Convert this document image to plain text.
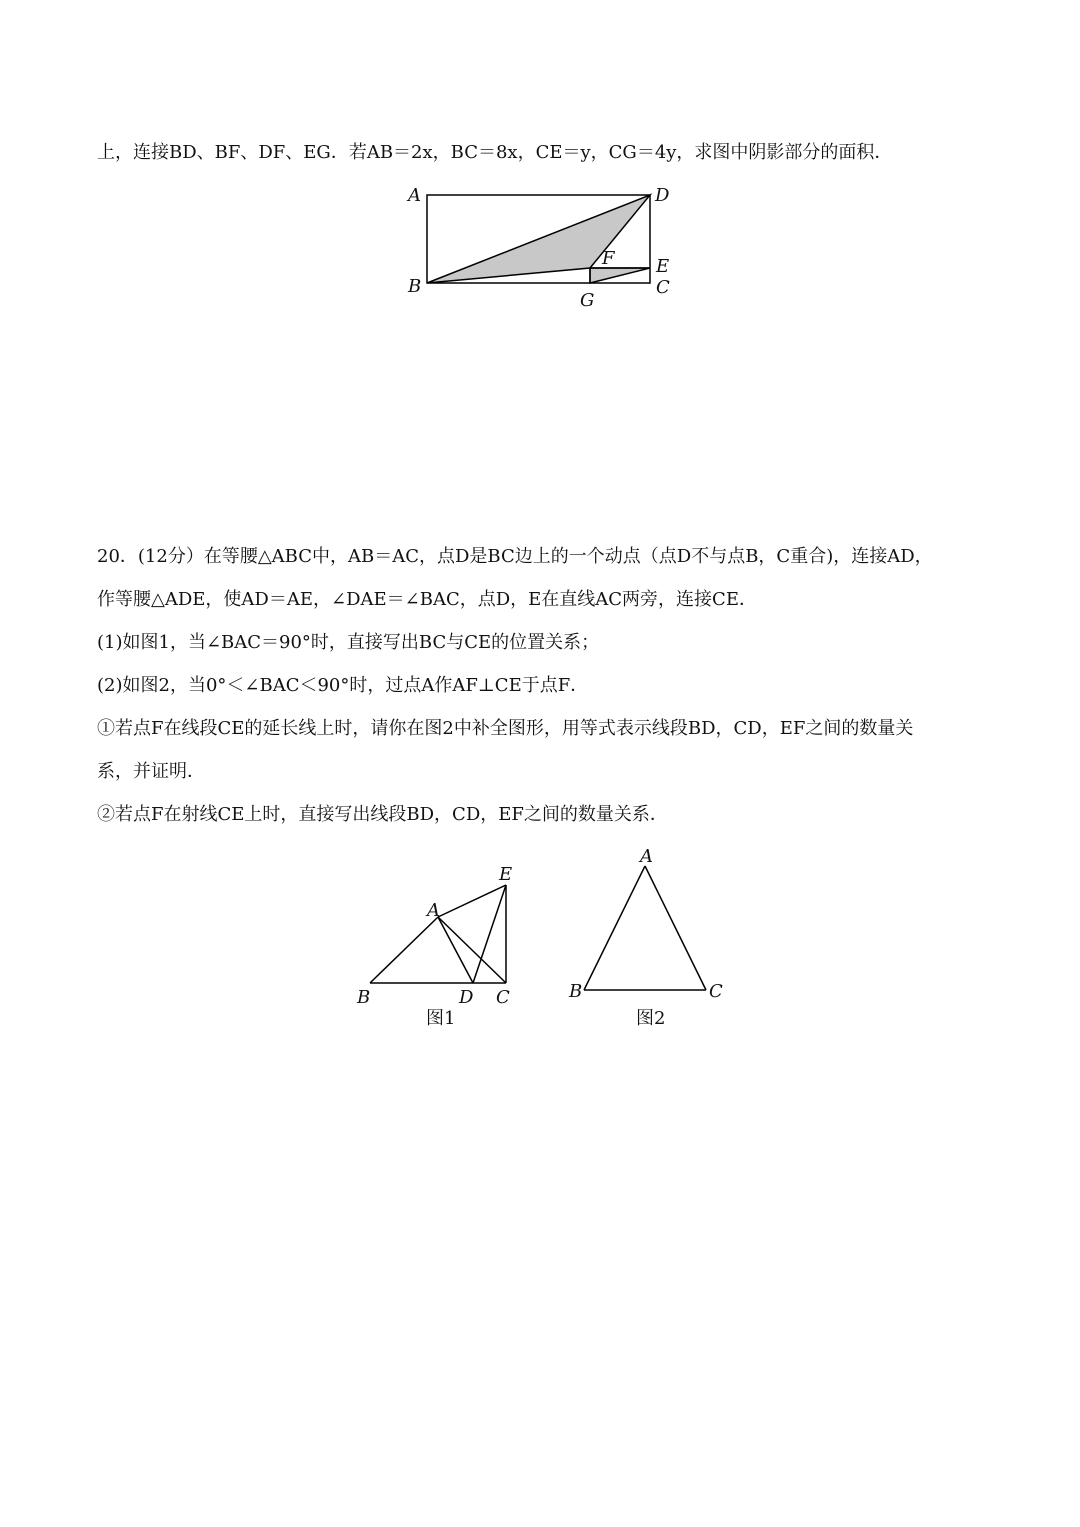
上，连接BD、BF、DF、EG．若AB＝2x，BC＝8x，CE＝y，CG＝4y，求图中阴影部分的面积．
A	D
F E
B	C
G
20．(12分）在等腰△ABC中，AB＝AC，点D是BC边上的一个动点（点D不与点B，C重合)，连接AD，
作等腰△ADE，使AD＝AE，∠DAE＝∠BAC，点D，E在直线AC两旁，连接CE．
(1)如图1，当∠BAC＝90°时，直接写出BC与CE的位置关系；
(2)如图2，当0°＜∠BAC＜90°时，过点A作AF⊥CE于点F．
①若点F在线段CE的延长线上时，请你在图2中补全图形，用等式表示线段BD，CD，EF之间的数量关
系，并证明．
②若点F在射线CE上时，直接写出线段BD，CD，EF之间的数量关系．
A
E
B	D C
图1
A
B	C
图2
